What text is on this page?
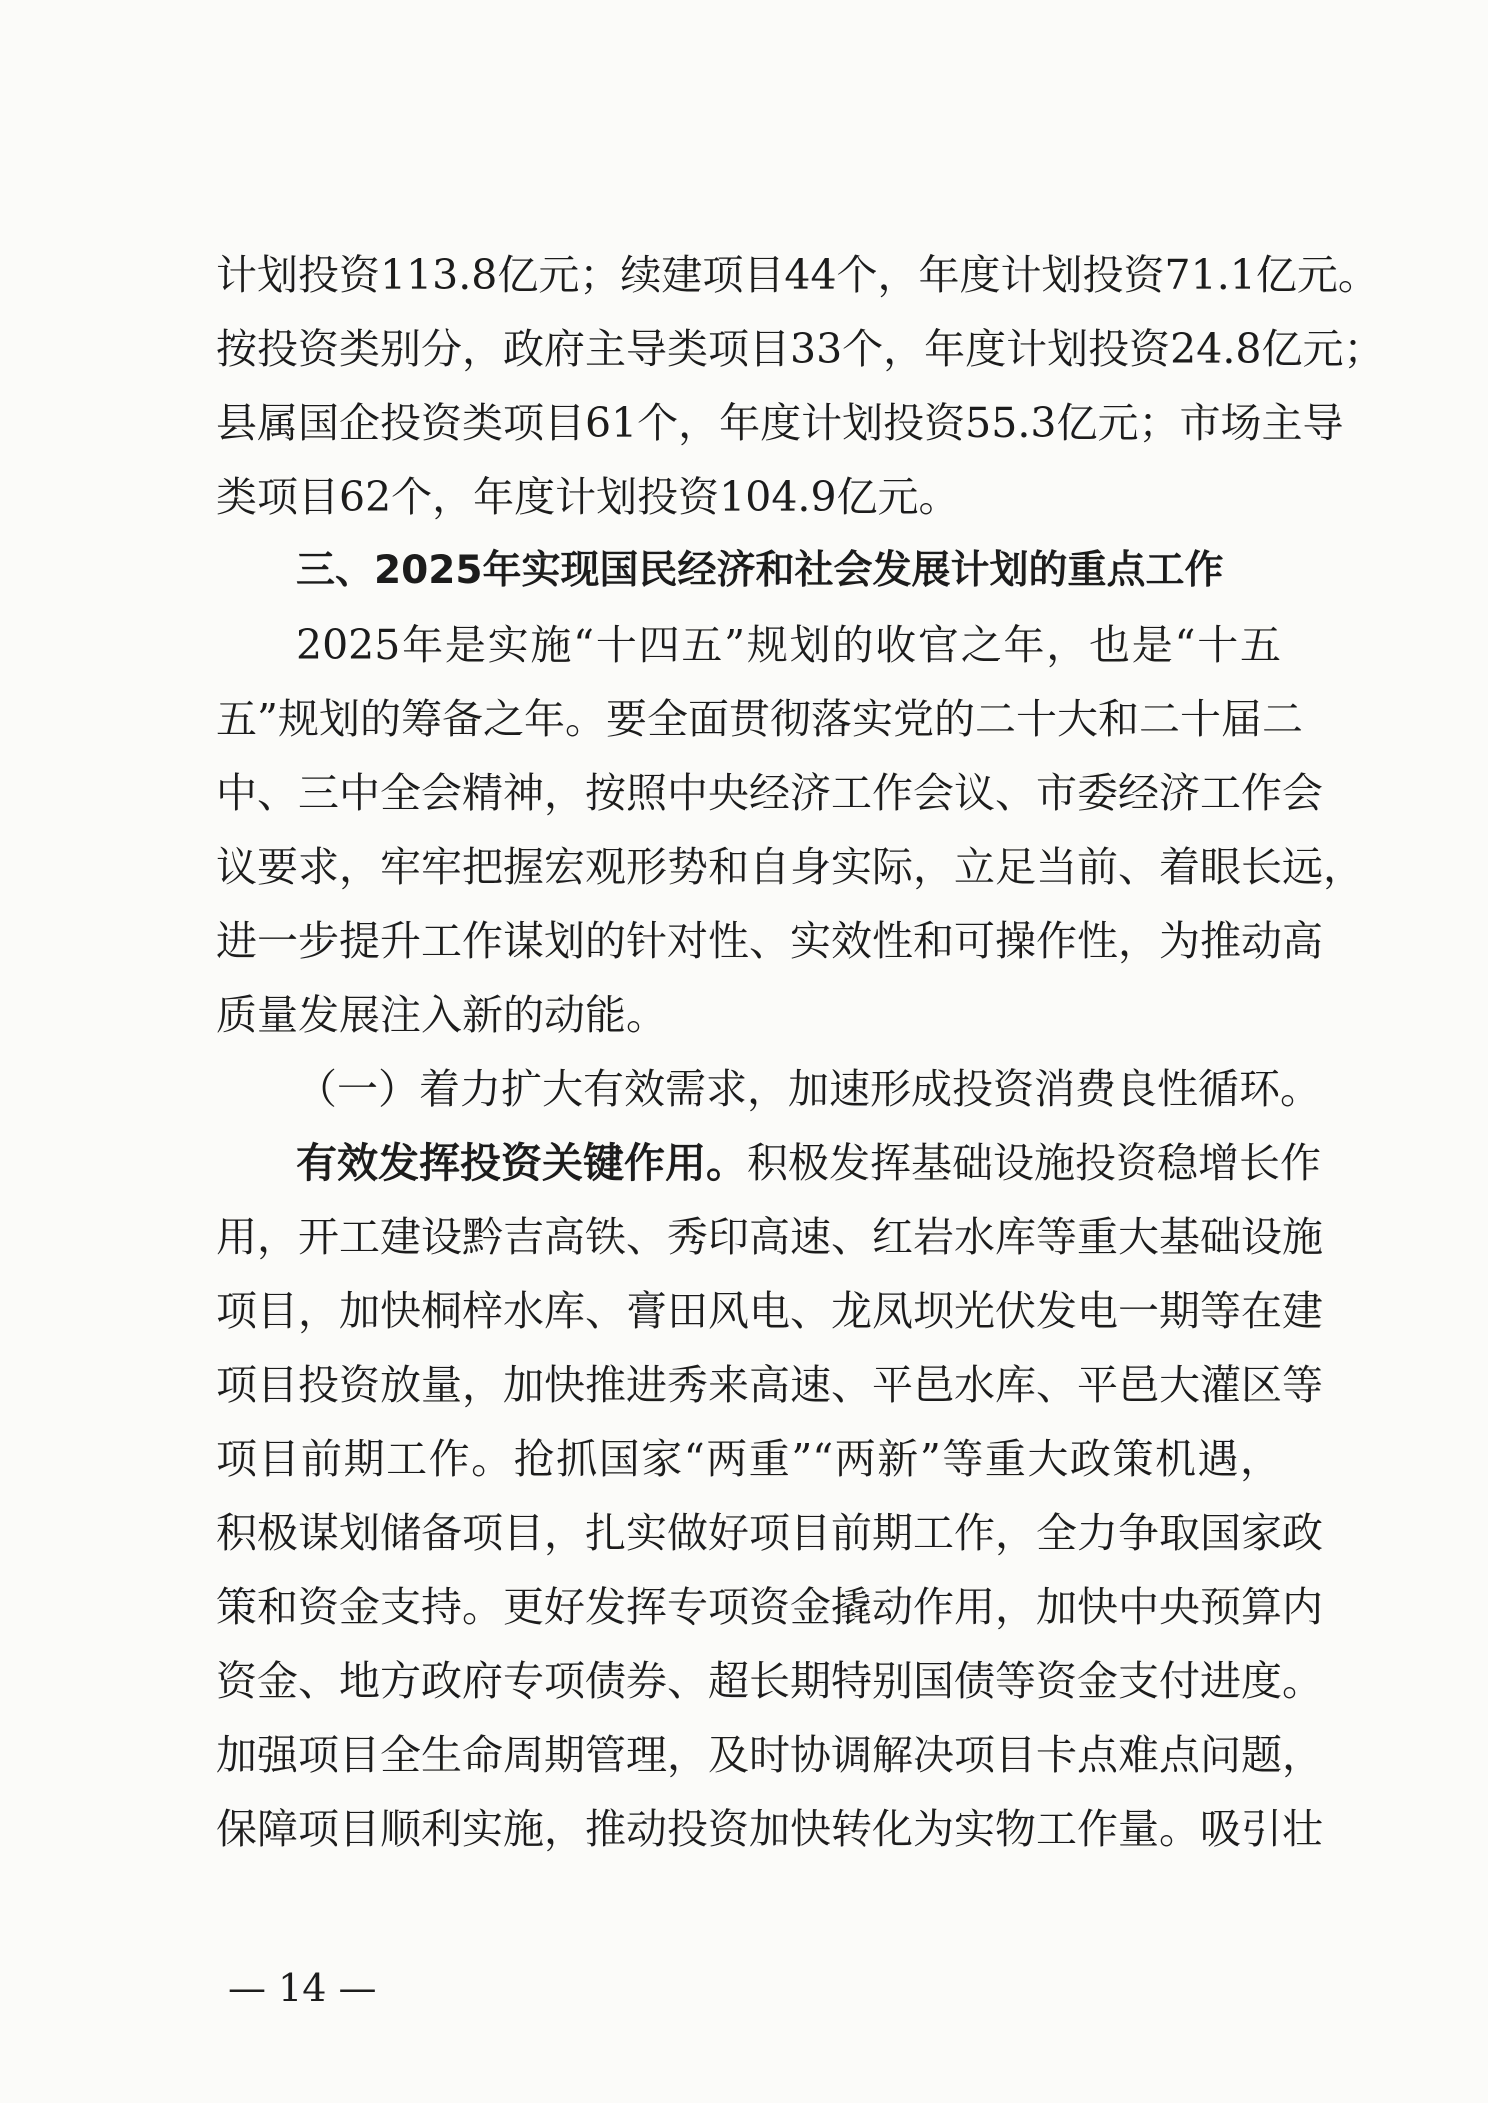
计划投资113.8亿元；续建项目44个，年度计划投资71.1亿元。
按投资类别分，政府主导类项目33个，年度计划投资24.8亿元；
县属国企投资类项目61个，年度计划投资55.3亿元；市场主导
类项目62个，年度计划投资104.9亿元。
三、2025年实现国民经济和社会发展计划的重点工作
2025年是实施“十四五”规划的收官之年，也是“十五
五”规划的筹备之年。要全面贯彻落实党的二十大和二十届二
中、三中全会精神，按照中央经济工作会议、市委经济工作会
议要求，牢牢把握宏观形势和自身实际，立足当前、着眼长远，
进一步提升工作谋划的针对性、实效性和可操作性，为推动高
质量发展注入新的动能。
（一）着力扩大有效需求，加速形成投资消费良性循环。
有效发挥投资关键作用。积极发挥基础设施投资稳增长作
用，开工建设黔吉高铁、秀印高速、红岩水库等重大基础设施
项目，加快桐梓水库、膏田风电、龙凤坝光伏发电一期等在建
项目投资放量，加快推进秀来高速、平邑水库、平邑大灌区等
项目前期工作。抢抓国家“两重”“两新”等重大政策机遇，
积极谋划储备项目，扎实做好项目前期工作，全力争取国家政
策和资金支持。更好发挥专项资金撬动作用，加快中央预算内
资金、地方政府专项债券、超长期特别国债等资金支付进度。
加强项目全生命周期管理，及时协调解决项目卡点难点问题，
保障项目顺利实施，推动投资加快转化为实物工作量。吸引壮
— 14 —
